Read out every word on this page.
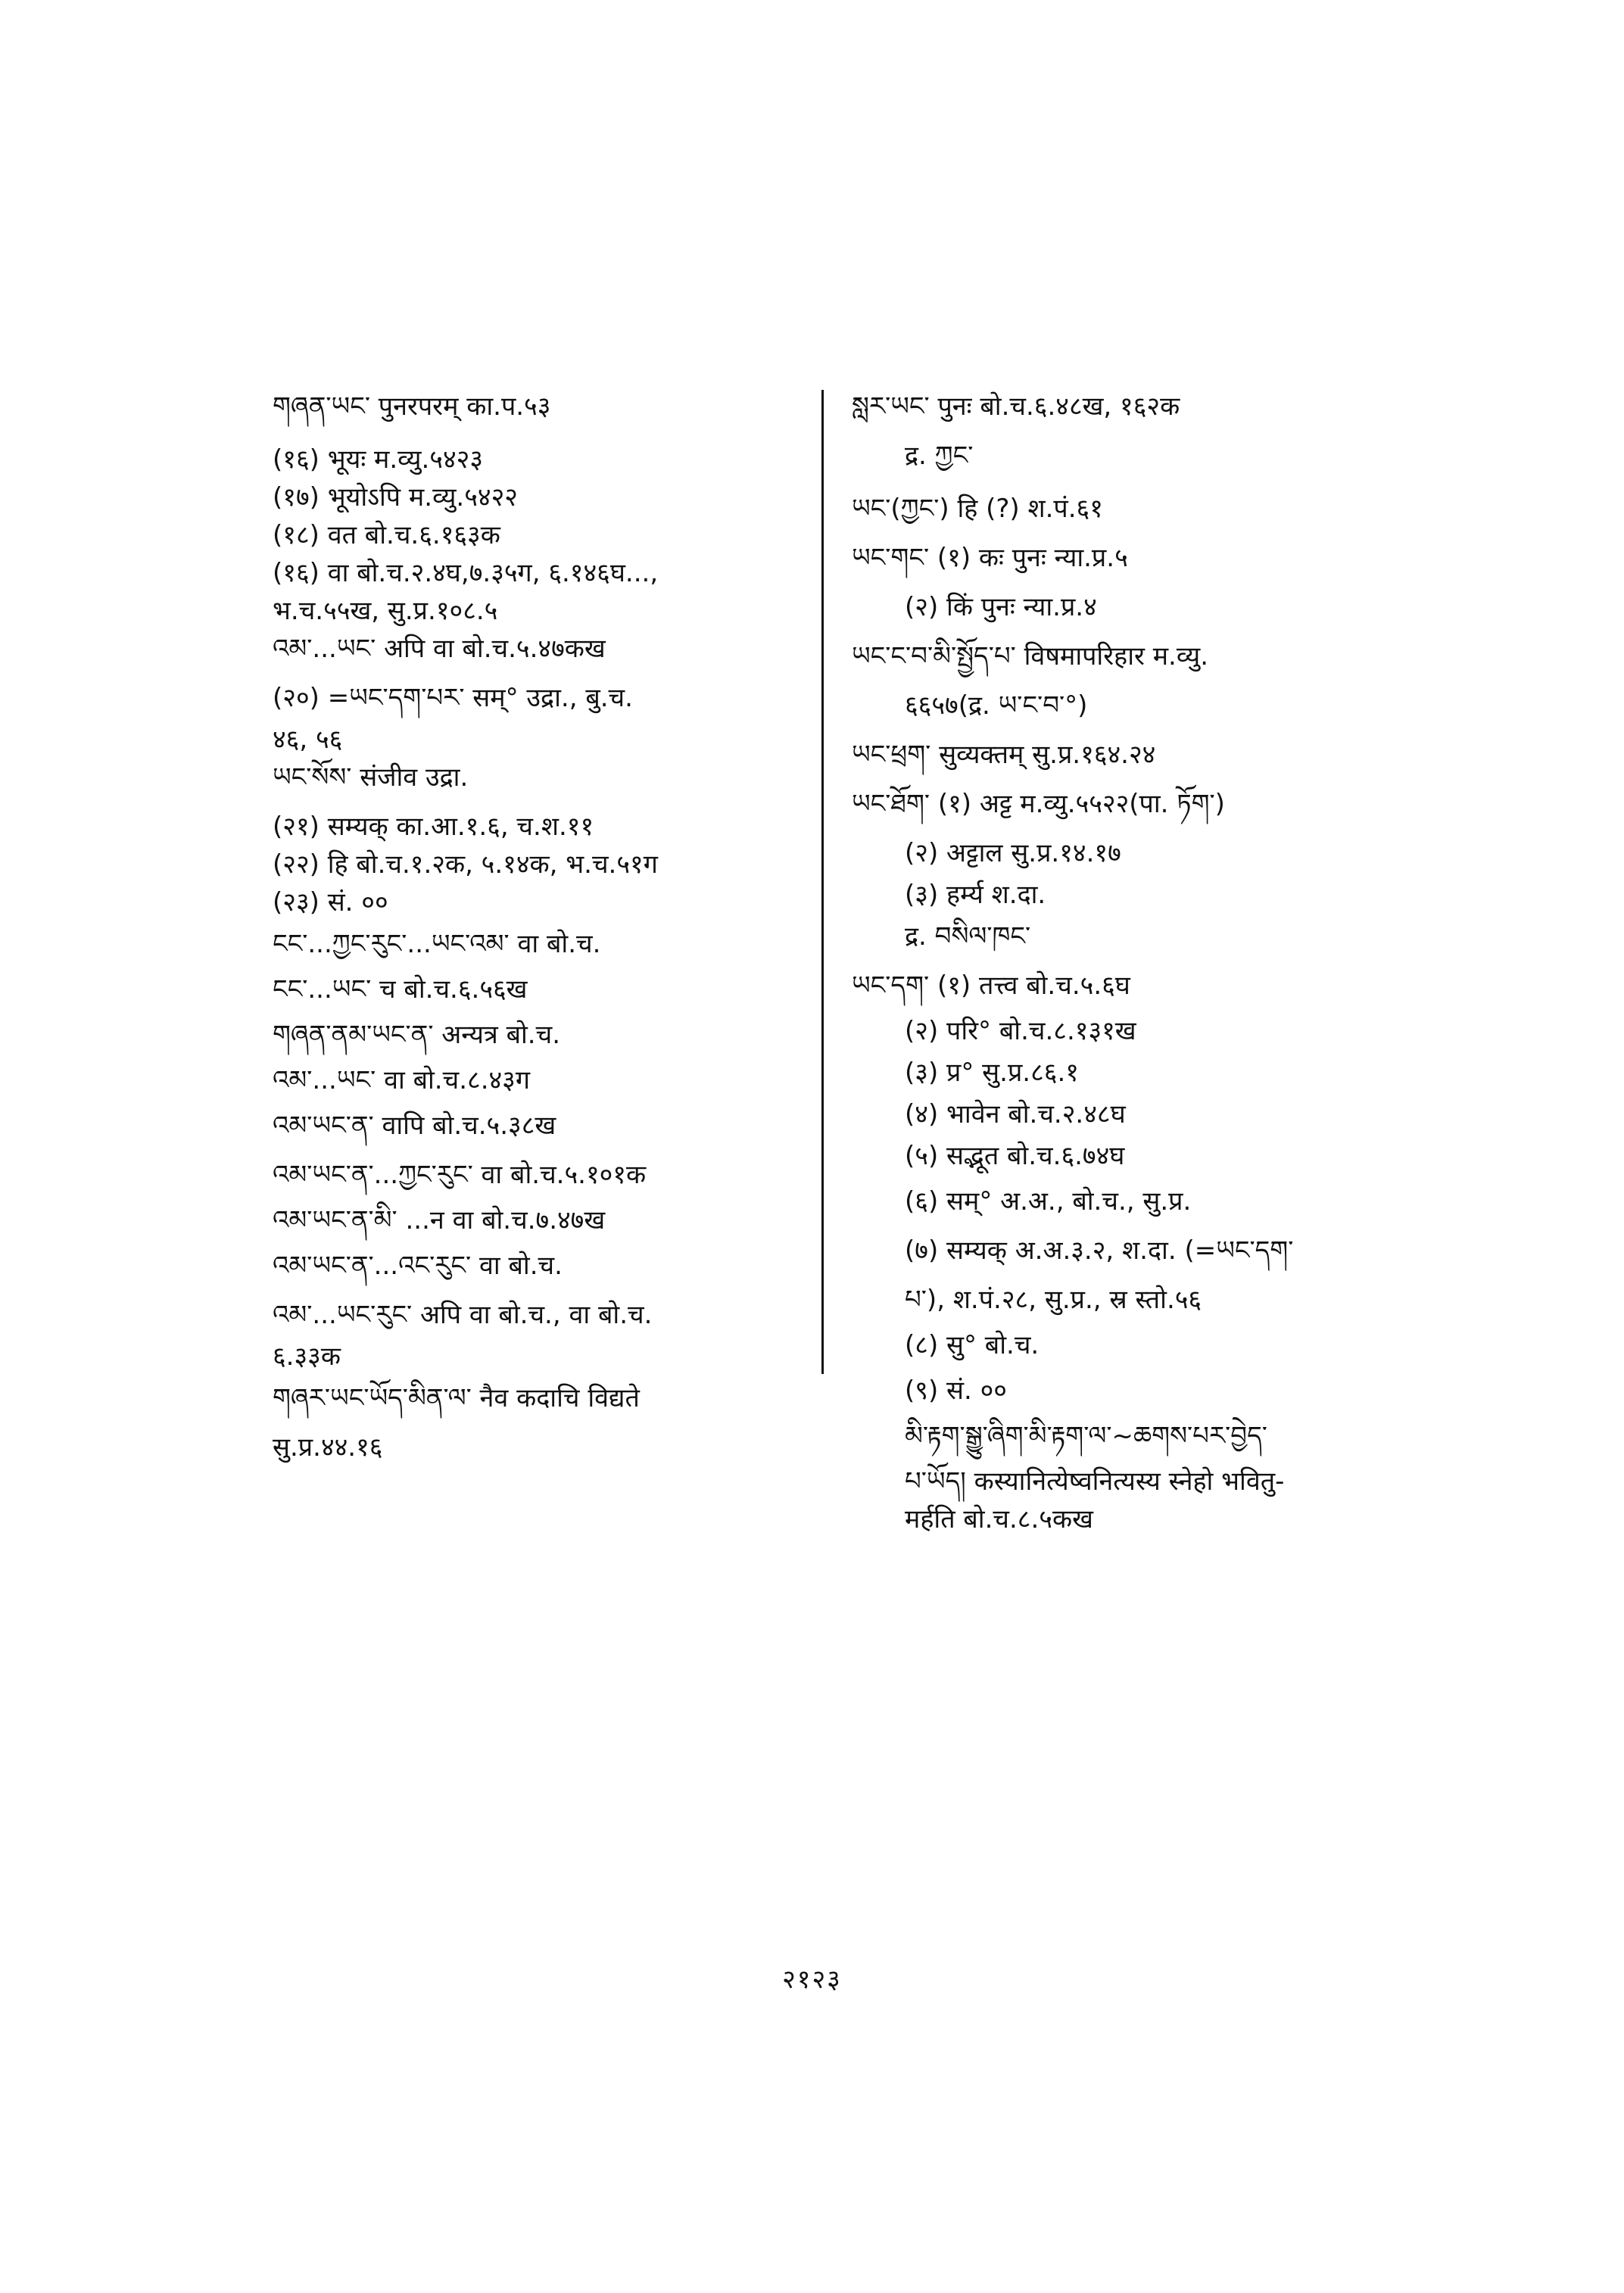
གཞན་ཡང་ पुनरपरम् का.प.५३
(१६) भूयः म.व्यु.५४२३
(१७) भूयोऽपि म.व्यु.५४२२
(१८) वत बो.च.६.१६३क
(१६) वा बो.च.२.४घ,७.३५ग, ६.१४६घ...,
भ.च.५५ख, सु.प्र.१०८.५
འམ་...ཡང་ अपि वा बो.च.५.४७कख
(२०) =ཡང་དག་པར་ सम्° उद्रा., बु.च.
४६, ५६
ཡང་སོས་ संजीव उद्रा.
(२१) सम्यक् का.आ.१.६, च.श.११
(२२) हि बो.च.१.२क, ५.१४क, भ.च.५१ग
(२३) सं. ००
ངང་...ཀྱང་རུང་...ཡང་འམ་ वा बो.च.
ངང་...ཡང་ च बो.च.६.५६ख
གཞན་ནམ་ཡང་ན་ अन्यत्र बो.च.
འམ་...ཡང་ वा बो.च.८.४३ग
འམ་ཡང་ན་ वापि बो.च.५.३८ख
འམ་ཡང་ན་...ཀྱང་རུང་ वा बो.च.५.१०१क
འམ་ཡང་ན་མི་ ...न वा बो.च.७.४७ख
འམ་ཡང་ན་...འང་རུང་ वा बो.च.
འམ་...ཡང་རུང་ अपि वा बो.च., वा बो.च.
६.३३क
གཞར་ཡང་ཡོད་མིན་ལ་ नैव कदाचि विद्यते
सु.प्र.४४.१६
སླར་ཡང་ पुनः बो.च.६.४८ख, १६२क
द्र. ཀྱང་
ཡང་(ཀྱང་) हि (?) श.पं.६१
ཡང་གང་ (१) कः पुनः न्या.प्र.५
(२) किं पुनः न्या.प्र.४
ཡང་ང་བ་མི་སྤྱོད་པ་ विषमापरिहार म.व्यु.
६६५७(द्र. ཡ་ང་བ་°)
ཡང་ཕྲག་ सुव्यक्तम् सु.प्र.१६४.२४
ཡང་ཐོག་ (१) अट्ट म.व्यु.५५२२(पा. ཏོག་)
(२) अट्टाल सु.प्र.१४.१७
(३) हर्म्य श.दा.
द्र. བསིལ་ཁང་
ཡང་དག་ (१) तत्त्व बो.च.५.६घ
(२) परि° बो.च.८.१३१ख
(३) प्र° सु.प्र.८६.१
(४) भावेन बो.च.२.४८घ
(५) सद्भूत बो.च.६.७४घ
(६) सम्° अ.अ., बो.च., सु.प्र.
(७) सम्यक् अ.अ.३.२, श.दा. (=ཡང་དག་
པ་), श.पं.२८, सु.प्र., स्र स्तो.५६
(८) सु° बो.च.
(९) सं. ००
མི་རྟག་སྒྱུ་ཞིག་མི་རྟག་ལ་~ཆགས་པར་བྱེད་
པ་ཡོད། कस्यानित्येष्वनित्यस्य स्नेहो भवितु-
मर्हति बो.च.८.५कख
२१२३
